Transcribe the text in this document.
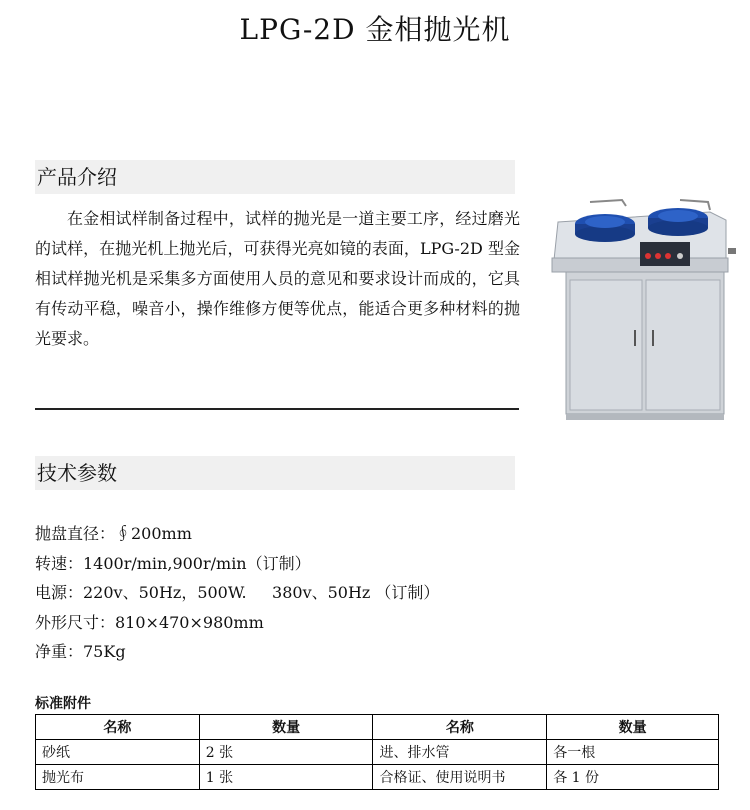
LPG-2D 金相抛光机
产品介绍
在金相试样制备过程中，试样的抛光是一道主要工序，经过磨光的试样，在抛光机上抛光后，可获得光亮如镜的表面，LPG-2D 型金相试样抛光机是采集多方面使用人员的意见和要求设计而成的，它具有传动平稳，噪音小，操作维修方便等优点，能适合更多种材料的抛光要求。
技术参数
抛盘直径：∮200mm
转速：1400r/min,900r/min（订制）
电源：220v、50Hz，500W.     380v、50Hz （订制）
外形尺寸：810×470×980mm
净重：75Kg
标准附件
名称	数量	名称	数量
砂纸	2 张	进、排水管	各一根
抛光布	1 张	合格证、使用说明书	各 1 份
